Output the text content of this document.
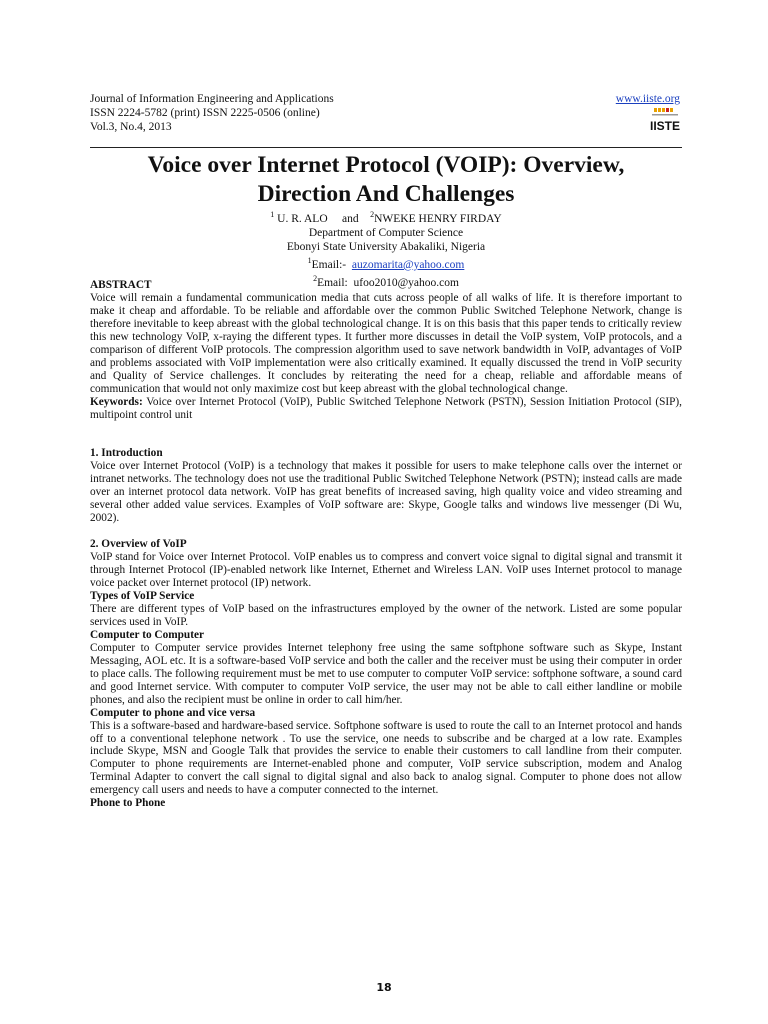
Journal of Information Engineering and Applications
ISSN 2224-5782 (print) ISSN 2225-0506 (online)
Vol.3, No.4, 2013
www.iiste.org
IISTE
Voice over Internet Protocol (VOIP): Overview,
Direction And Challenges
$^1$ U. R. ALO and $^2$NWEKE HENRY FIRDAY
Department of Computer Science
Ebonyi State University Abakaliki, Nigeria
$^1$Email:- auzomarita@yahoo.com
$^2$Email: ufoo2010@yahoo.com

ABSTRACT

Voice will remain a fundamental communication media that cuts across people of all walks of life. It is therefore important to make it cheap and affordable. To be reliable and affordable over the common Public Switched Telephone Network, change is therefore inevitable to keep abreast with the global technological change. It is on this basis that this paper tends to critically review this new technology VoIP, x-raying the different types. It further more discusses in detail the VoIP system, VoIP protocols, and a comparison of different VoIP protocols. The compression algorithm used to save network bandwidth in VoIP, advantages of VoIP and problems associated with VoIP implementation were also critically examined. It equally discussed the trend in VoIP security and Quality of Service challenges. It concludes by reiterating the need for a cheap, reliable and affordable means of communication that would not only maximize cost but keep abreast with the global technological change.

Keywords: Voice over Internet Protocol (VoIP), Public Switched Telephone Network (PSTN), Session Initiation Protocol (SIP), multipoint control unit

1. Introduction

Voice over Internet Protocol (VoIP) is a technology that makes it possible for users to make telephone calls over the internet or intranet networks. The technology does not use the traditional Public Switched Telephone Network (PSTN); instead calls are made over an internet protocol data network. VoIP has great benefits of increased saving, high quality voice and video streaming and several other added value services. Examples of VoIP software are: Skype, Google talks and windows live messenger (Di Wu, 2002).

2. Overview of VoIP

VoIP stand for Voice over Internet Protocol. VoIP enables us to compress and convert voice signal to digital signal and transmit it through Internet Protocol (IP)-enabled network like Internet, Ethernet and Wireless LAN. VoIP uses Internet protocol to manage voice packet over Internet protocol (IP) network.

Types of VoIP Service

There are different types of VoIP based on the infrastructures employed by the owner of the network. Listed are some popular services used in VoIP.

Computer to Computer

Computer to Computer service provides Internet telephony free using the same softphone software such as Skype, Instant Messaging, AOL etc. It is a software-based VoIP service and both the caller and the receiver must be using their computer in order to place calls. The following requirement must be met to use computer to computer VoIP service: softphone software, a sound card and good Internet service. With computer to computer VoIP service, the user may not be able to call either landline or mobile phones, and also the recipient must be online in order to call him/her.

Computer to phone and vice versa

This is a software-based and hardware-based service. Softphone software is used to route the call to an Internet protocol and hands off to a conventional telephone network . To use the service, one needs to subscribe and be charged at a low rate. Examples include Skype, MSN and Google Talk that provides the service to enable their customers to call landline from their computer. Computer to phone requirements are Internet-enabled phone and computer, VoIP service subscription, modem and Analog Terminal Adapter to convert the call signal to digital signal and also back to analog signal. Computer to phone does not allow emergency call users and needs to have a computer connected to the internet.

Phone to Phone

18
